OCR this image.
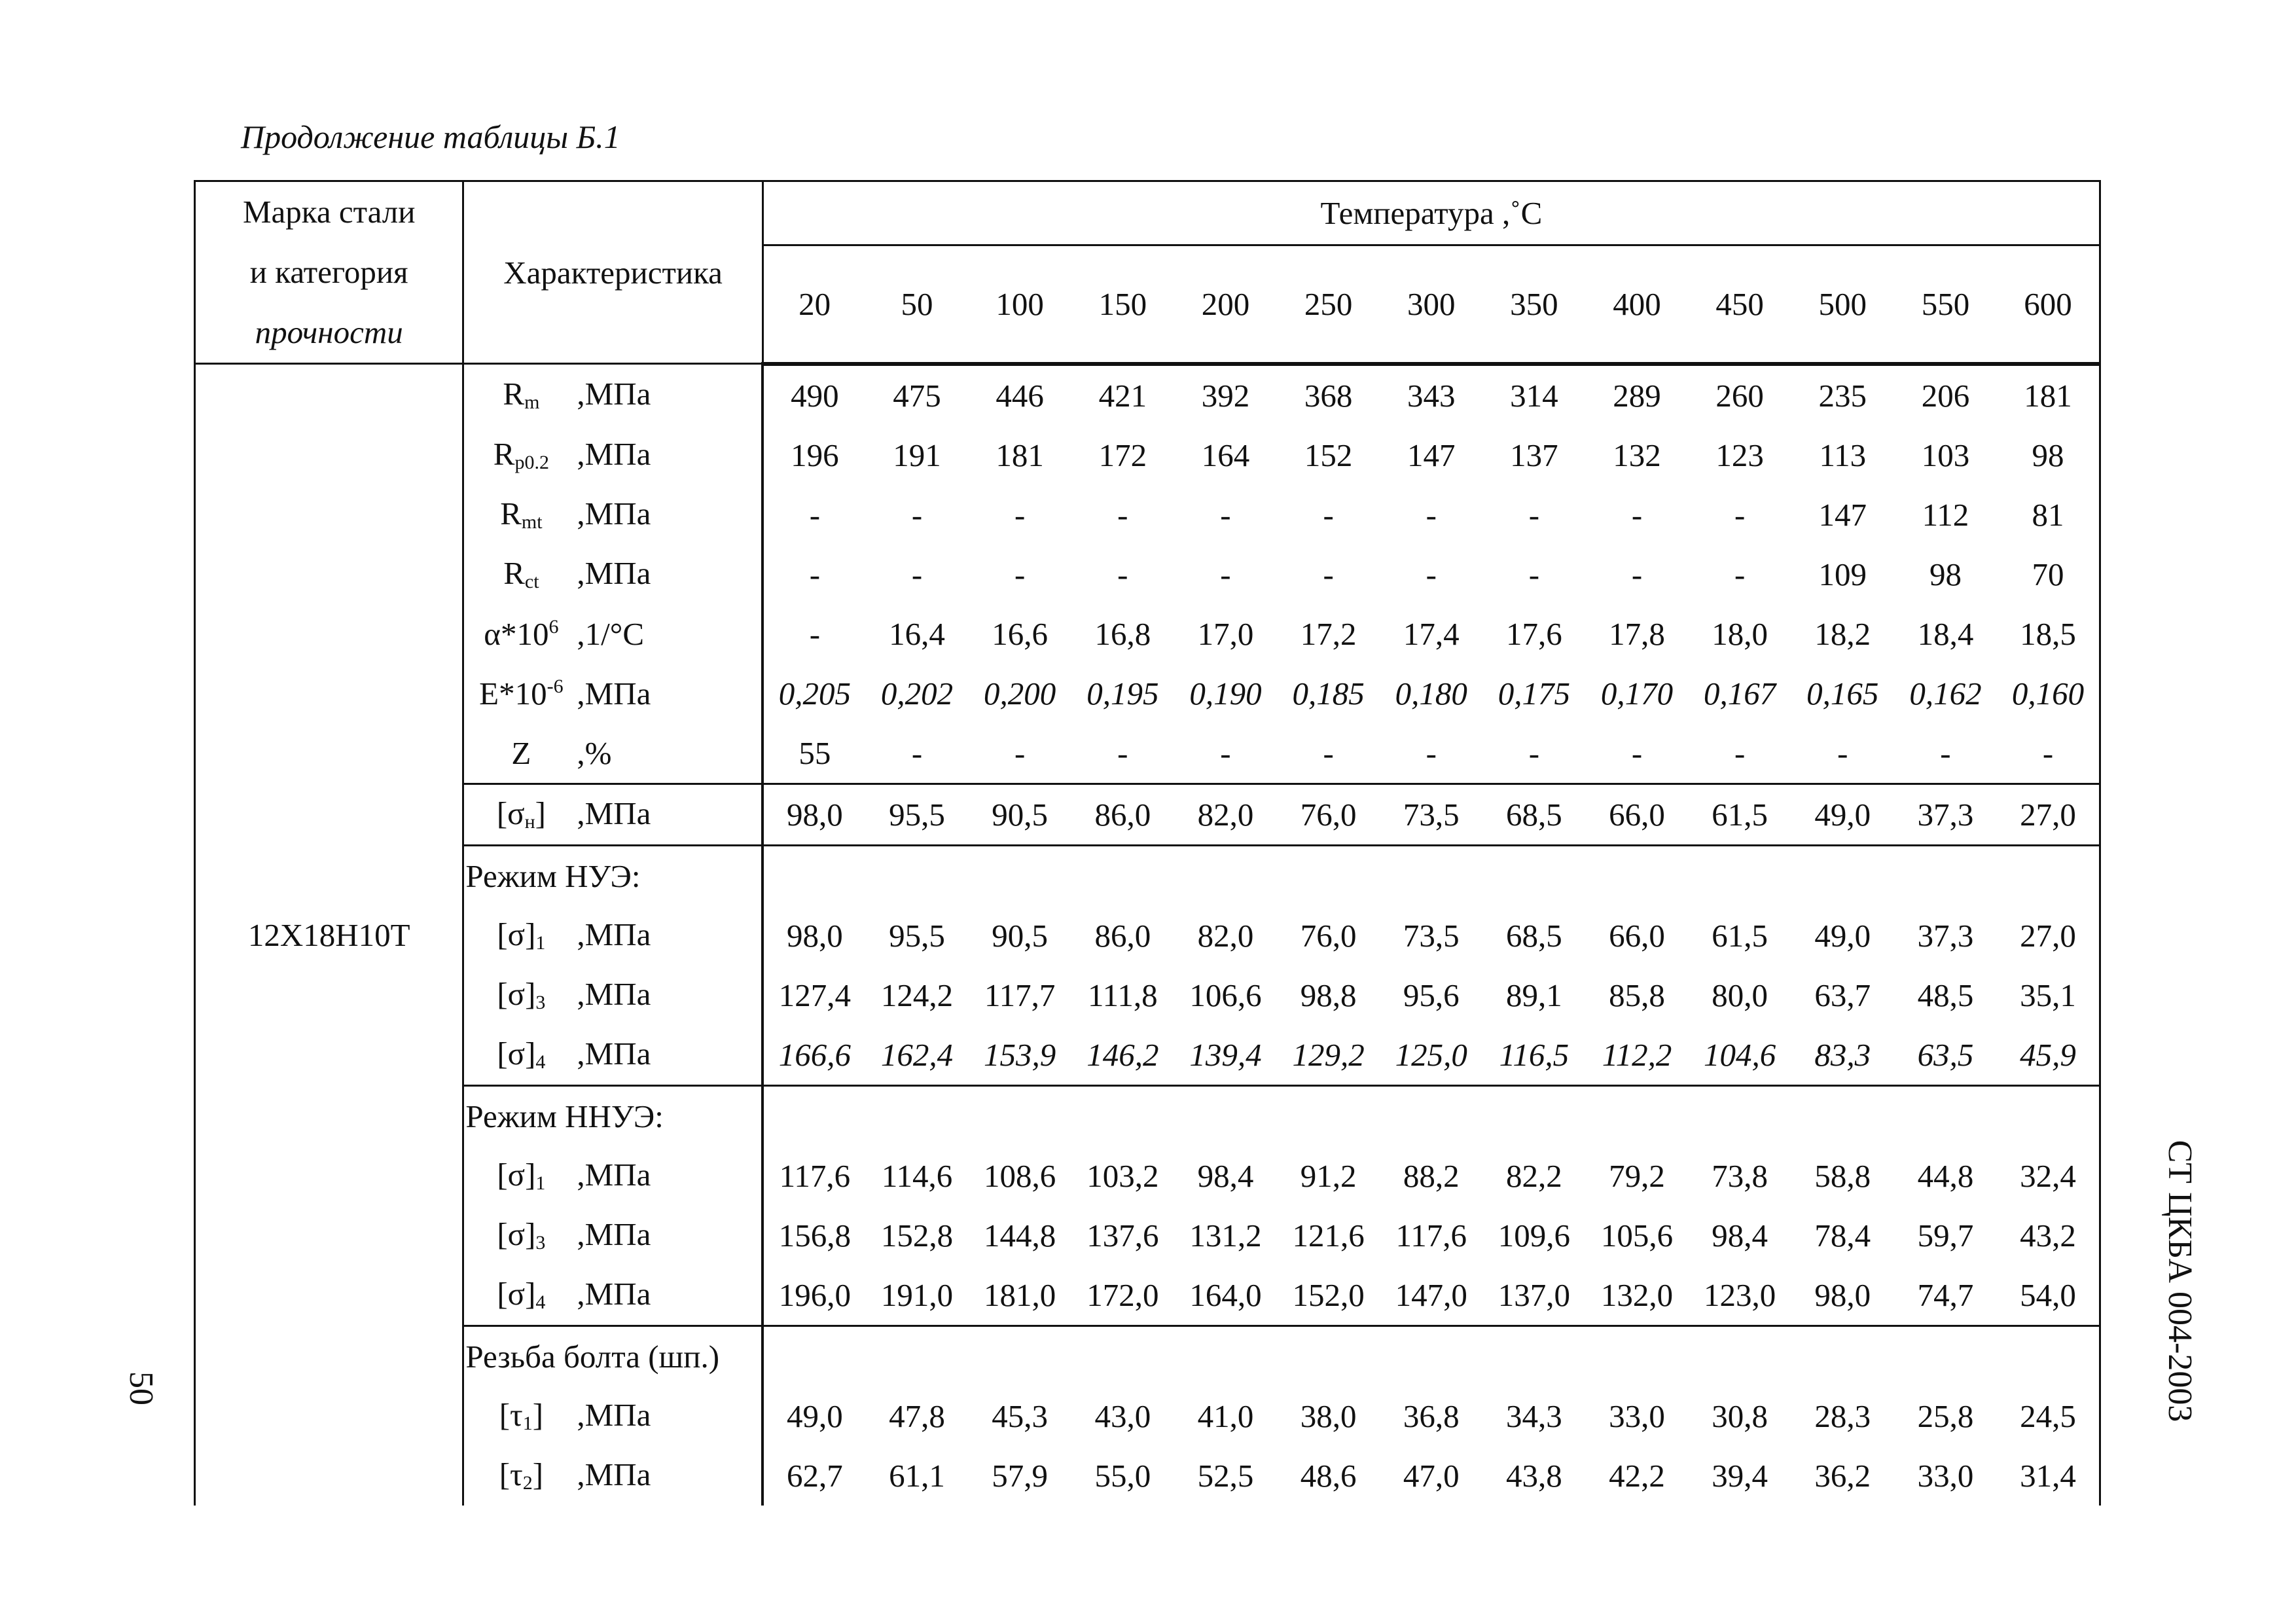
Продолжение таблицы Б.1
Марка стали
и категория
прочности	Характеристика	Температура ,˚С												
		20	50	100	150	200	250	300	350	400	450	500	550	600
12Х18Н10Т	$R_m$ ,МПа	490	475	446	421	392	368	343	314	289	260	235	206	181
	$R_{p0.2}$ ,МПа	196	191	181	172	164	152	147	137	132	123	113	103	98
	$R_{mt}$ ,МПа	-	-	-	-	-	-	-	-	-	-	147	112	81
	$R_{ct}$ ,МПа	-	-	-	-	-	-	-	-	-	-	109	98	70
	$\alpha*10^6$ ,1/°С	-	16,4	16,6	16,8	17,0	17,2	17,4	17,6	17,8	18,0	18,2	18,4	18,5
	$E*10^{-6}$ ,МПа	0,205	0,202	0,200	0,195	0,190	0,185	0,180	0,175	0,170	0,167	0,165	0,162	0,160
	Z ,%	55	-	-	-	-	-	-	-	-	-	-	-	-
	$[\sigma_н]$ ,МПа	98,0	95,5	90,5	86,0	82,0	76,0	73,5	68,5	66,0	61,5	49,0	37,3	27,0
	Режим НУЭ:													
	$[\sigma]_1$ ,МПа	98,0	95,5	90,5	86,0	82,0	76,0	73,5	68,5	66,0	61,5	49,0	37,3	27,0
	$[\sigma]_3$ ,МПа	127,4	124,2	117,7	111,8	106,6	98,8	95,6	89,1	85,8	80,0	63,7	48,5	35,1
	$[\sigma]_4$ ,МПа	166,6	162,4	153,9	146,2	139,4	129,2	125,0	116,5	112,2	104,6	83,3	63,5	45,9
	Режим ННУЭ:													
	$[\sigma]_1$ ,МПа	117,6	114,6	108,6	103,2	98,4	91,2	88,2	82,2	79,2	73,8	58,8	44,8	32,4
	$[\sigma]_3$ ,МПа	156,8	152,8	144,8	137,6	131,2	121,6	117,6	109,6	105,6	98,4	78,4	59,7	43,2
	$[\sigma]_4$ ,МПа	196,0	191,0	181,0	172,0	164,0	152,0	147,0	137,0	132,0	123,0	98,0	74,7	54,0
	Резьба болта (шп.)													
	$[\tau_1]$ ,МПа	49,0	47,8	45,3	43,0	41,0	38,0	36,8	34,3	33,0	30,8	28,3	25,8	24,5
	$[\tau_2]$ ,МПа	62,7	61,1	57,9	55,0	52,5	48,6	47,0	43,8	42,2	39,4	36,2	33,0	31,4
50	СТ ЦКБА 004-2003
